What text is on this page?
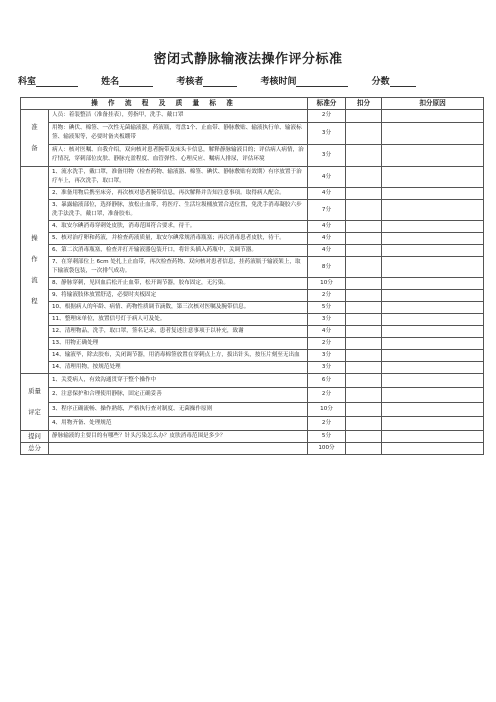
密闭式静脉输液法操作评分标准
科室	姓名	考核者	考核时间	分数
操 作 流 程 及 质 量 标 准		标准分	扣分	扣分原因

准
备	人员：着装整洁（准备挂表），剪指甲，洗手、戴口罩	2分		
	用物：碘伏、棉签、一次性无菌输液器，药液瓶，弯盘1个、止血带、静脉敷贴、输液执行单、输液标签、输液架等，必要时备夹板绷带	3分		
	病人：核对医嘱、自我介绍，双向核对患者腕带及床头卡信息，解释静脉输液目的；评估病人病情，治疗情况，穿刺部位皮肤、静脉充盈程度、血管弹性、心理反应、嘱病人排尿，评估环境	3分		

操
作
流
程	1、流水洗手，戴口罩，准备用物（检查药物、输液器、棉签、碘伏、静脉敷贴有效期）有序放置于治疗车上，再次洗手，取口罩。	4分		
	2、准备用物后携至床旁，再次核对患者腕带信息，再次解释并告知注意事项。取得病人配合。	4分		
	3、暴露输液部位，选择静脉，放松止血带，将医疗、生活垃圾桶放置合适位置，免洗手消毒凝胶六步洗手法洗手，戴口罩，准备胶布。	7分		
	4、取安尔碘消毒穿刺处皮肤，消毒范围符合要求，待干。	4分		
	5、核对治疗卵和药液，并检查药液质量，取安尔碘常规消毒瓶塞；再次消毒患者皮肤，待干。	4分		
	6、第二次消毒瓶塞，检查并打开输液器包装开口，将针头插入药瓶中，关调节器。	4分		
	7、在穿刺部位上 6cm 处扎上止血带，再次检查药物、双向核对患者信息，挂药液瓶于输液架上，取下输液袋包装，一次排气成功。	8分		
	8、静脉穿刺，见回血后松开止血带，松开调节器，胶布固定，无污染。	10分		
	9、将输液肢体放置舒适，必要时夹板固定	2分		
	10、根据病人的年龄、病情、药物性质调节滴数，第三次核对医嘱及腕带信息。	5分		
	11、整理床单位，放置信号灯于病人可及处。	3分		
	12、清理物品，洗手，取口罩，签名记录，患者复述注意事项于以补充，致谢	4分		
	13、用物正确处理	2分		
	14、输液毕，除去胶布，关闭调节器，用消毒棉签放置在穿刺点上方，拔出针头，按压片刻至无出血	3分		
	14、清理用物，按规范处理	3分		

质量
评定	1、关爱病人，有效沟通贯穿于整个操作中	6分		
	2、注意保护和合理使用静脉，固定正确妥善	2分		
	3、程序正确流畅、操作熟练，严格执行查对制度、无菌操作原则	10分		
	4、用物齐备、处理规范	2分		

提问	静脉输液的主要目的有哪些？针头污染怎么办？皮肤消毒范围是多少？	5分		

总分		100分		
